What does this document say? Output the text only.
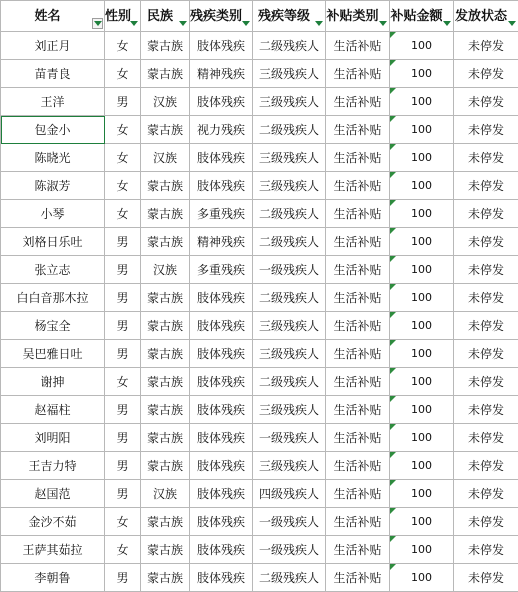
姓名	性别	民族	残疾类别	残疾等级	补贴类别	补贴金额	发放状态

刘正月	女	蒙古族	肢体残疾	二级残疾人	生活补贴	100	未停发
苗青良	女	蒙古族	精神残疾	三级残疾人	生活补贴	100	未停发
王洋	男	汉族	肢体残疾	三级残疾人	生活补贴	100	未停发
包金小	女	蒙古族	视力残疾	二级残疾人	生活补贴	100	未停发
陈晓光	女	汉族	肢体残疾	三级残疾人	生活补贴	100	未停发
陈淑芳	女	蒙古族	肢体残疾	三级残疾人	生活补贴	100	未停发
小琴	女	蒙古族	多重残疾	二级残疾人	生活补贴	100	未停发
刘格日乐吐	男	蒙古族	精神残疾	二级残疾人	生活补贴	100	未停发
张立志	男	汉族	多重残疾	一级残疾人	生活补贴	100	未停发
白白音那木拉	男	蒙古族	肢体残疾	二级残疾人	生活补贴	100	未停发
杨宝全	男	蒙古族	肢体残疾	三级残疾人	生活补贴	100	未停发
吴巴雅日吐	男	蒙古族	肢体残疾	三级残疾人	生活补贴	100	未停发
谢抻	女	蒙古族	肢体残疾	二级残疾人	生活补贴	100	未停发
赵福柱	男	蒙古族	肢体残疾	三级残疾人	生活补贴	100	未停发
刘明阳	男	蒙古族	肢体残疾	一级残疾人	生活补贴	100	未停发
王吉力特	男	蒙古族	肢体残疾	三级残疾人	生活补贴	100	未停发
赵国范	男	汉族	肢体残疾	四级残疾人	生活补贴	100	未停发
金沙不茹	女	蒙古族	肢体残疾	一级残疾人	生活补贴	100	未停发
王萨其茹拉	女	蒙古族	肢体残疾	一级残疾人	生活补贴	100	未停发
李朝鲁	男	蒙古族	肢体残疾	二级残疾人	生活补贴	100	未停发
